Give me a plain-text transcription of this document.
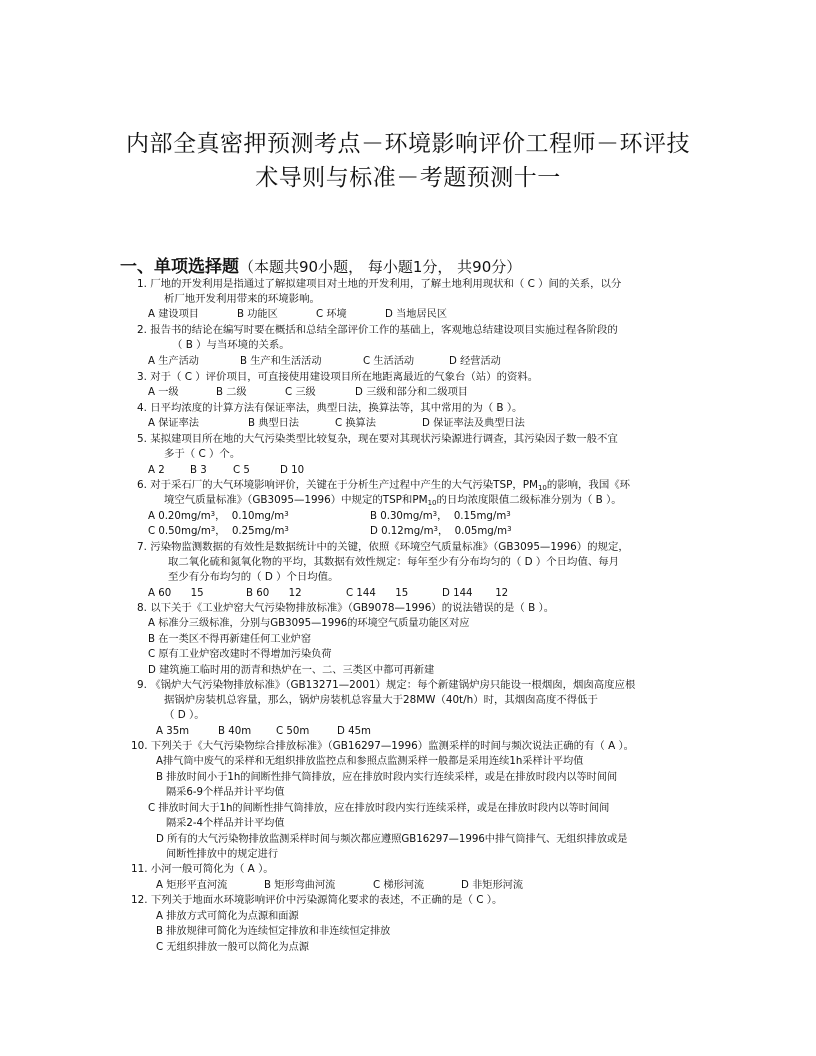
内部全真密押预测考点－环境影响评价工程师－环评技
术导则与标准－考题预测十一
一、单项选择题（本题共90小题， 每小题1分， 共90分）
1. 厂地的开发利用是指通过了解拟建项目对土地的开发利用，了解土地利用现状和（ C ）间的关系，以分
析厂地开发利用带来的环境影响。
A 建设项目	B 功能区	C 环境	D 当地居民区
2. 报告书的结论在编写时要在概括和总结全部评价工作的基础上，客观地总结建设项目实施过程各阶段的
（ B ）与当环境的关系。
A 生产活动	B 生产和生活活动	C 生活活动	D 经营活动
3. 对于（ C ）评价项目，可直接使用建设项目所在地距离最近的气象台（站）的资料。
A 一级	B 二级	C 三级	D 三级和部分和二级项目
4. 日平均浓度的计算方法有保证率法，典型日法，换算法等，其中常用的为（ B ）。
A 保证率法	B 典型日法	C 换算法	D 保证率法及典型日法
5. 某拟建项目所在地的大气污染类型比较复杂，现在要对其现状污染源进行调查，其污染因子数一般不宜
多于（ C ）个。
A 2 B 3	C 5	D 10
6. 对于采石厂的大气环境影响评价，关键在于分析生产过程中产生的大气污染TSP，PM10的影响，我国《环
境空气质量标准》（GB3095—1996）中规定的TSP和PM10的日均浓度限值二级标准分别为（ B ）。
A $0.20mg/m^3$，  $0.10mg/m^3$	B $0.30mg/m^3$，  $0.15mg/m^3$
C $0.50mg/m^3$，  $0.25mg/m^3$	D $0.12mg/m^3$，  $0.05mg/m^3$
7. 污染物监测数据的有效性是数据统计中的关键，依照《环境空气质量标准》（GB3095—1996）的规定，
取二氧化硫和氮氧化物的平均，其数据有效性规定：每年至少有分布均匀的（ D ）个日均值、每月
至少有分布均匀的（ D ）个日均值。
A 60 15	B 60 12	C 144 15	D 144 12
8. 以下关于《工业炉窑大气污染物排放标准》（GB9078—1996）的说法错误的是（ B ）。
A 标准分三级标准，分别与GB3095—1996的环境空气质量功能区对应
B 在一类区不得再新建任何工业炉窑
C 原有工业炉窑改建时不得增加污染负荷
D 建筑施工临时用的沥青和热炉在一、二、三类区中都可再新建
9. 《锅炉大气污染物排放标准》（GB13271—2001）规定：每个新建锅炉房只能设一根烟囱，烟囱高度应根
据锅炉房装机总容量，那么，锅炉房装机总容量大于28MW（40t/h）时，其烟囱高度不得低于
（ D ）。
A 35m	B 40m C 50m	D 45m
10. 下列关于《大气污染物综合排放标准》（GB16297—1996）监测采样的时间与频次说法正确的有（ A ）。
A排气筒中废气的采样和无组织排放监控点和参照点监测采样一般都是采用连续1h采样计平均值
B 排放时间小于1h的间断性排气筒排放，应在排放时段内实行连续采样，或是在排放时段内以等时间间
隔采6-9个样品并计平均值
C 排放时间大于1h的间断性排气筒排放，应在排放时段内实行连续采样，或是在排放时段内以等时间间
隔采2-4个样品并计平均值
D 所有的大气污染物排放监测采样时间与频次都应遵照GB16297—1996中排气筒排气、无组织排放或是
间断性排放中的规定进行
11. 小河一般可简化为（ A ）。
A 矩形平直河流	B 矩形弯曲河流	C 梯形河流	D 非矩形河流
12. 下列关于地面水环境影响评价中污染源简化要求的表述，不正确的是（ C ）。
A 排放方式可简化为点源和面源
B 排放规律可简化为连续恒定排放和非连续恒定排放
C 无组织排放一般可以简化为点源
